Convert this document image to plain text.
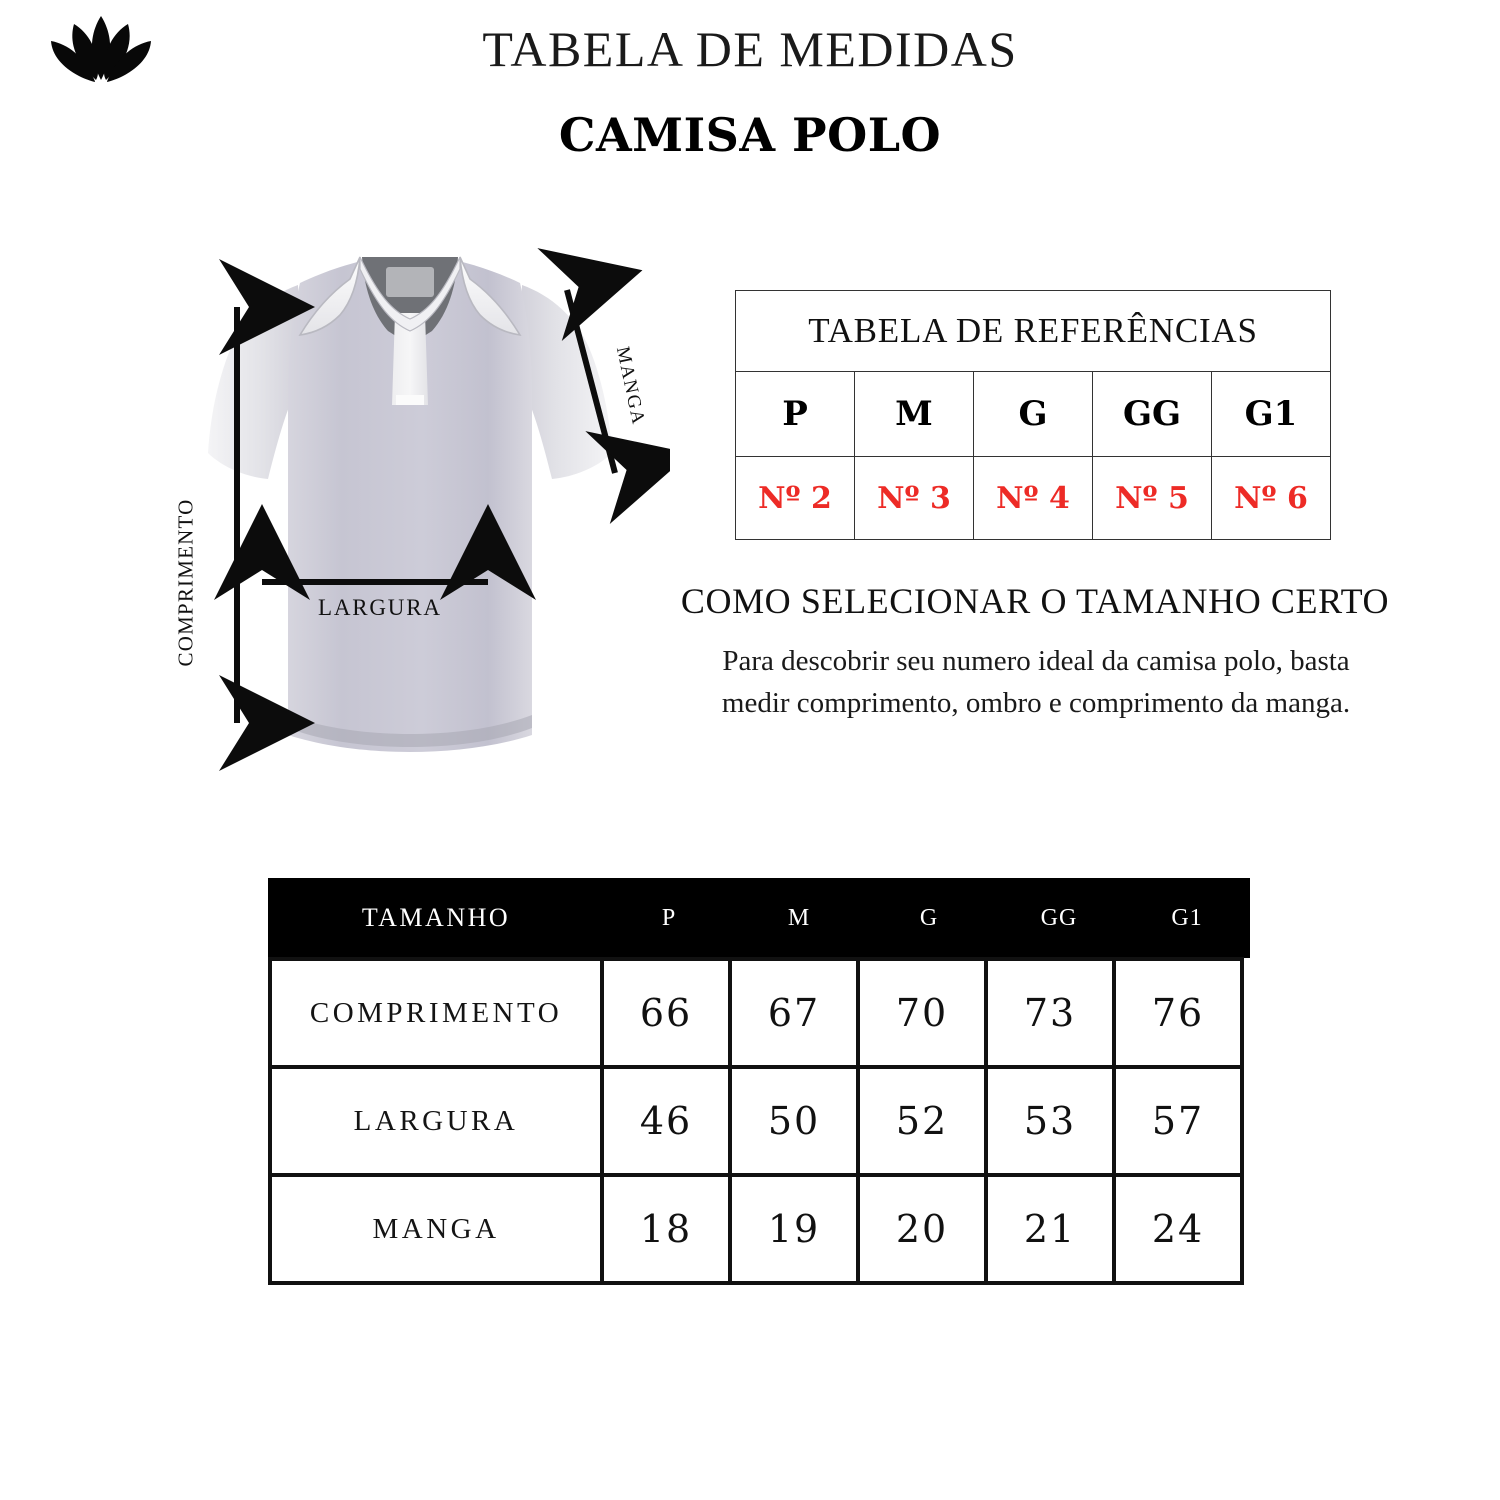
TABELA DE MEDIDAS
CAMISA POLO
COMPRIMENTO	LARGURA
MANGA
TABELA DE REFERÊNCIAS				
P	M	G	GG	G1
Nº 2	Nº 3	Nº 4	Nº 5	Nº 6
COMO SELECIONAR O TAMANHO CERTO
Para descobrir seu numero ideal da camisa polo, basta
medir comprimento, ombro e comprimento da manga.
TAMANHO	P	M	G	GG	G1
COMPRIMENTO	66	67	70	73	76
LARGURA	46	50	52	53	57
MANGA	18	19	20	21	24
